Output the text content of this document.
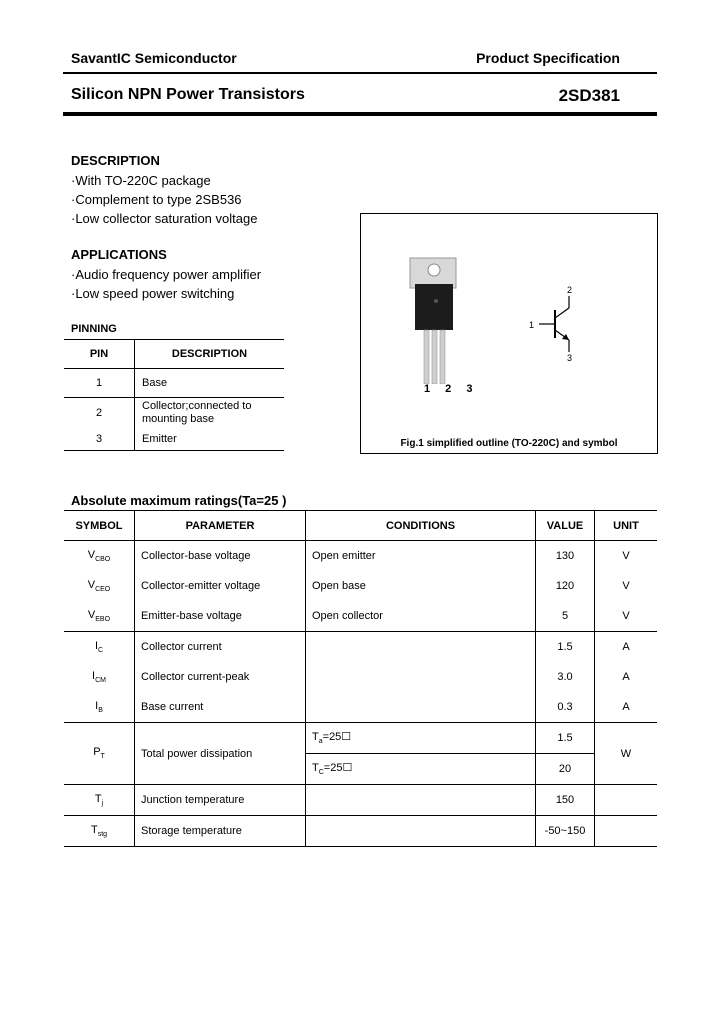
SavantIC Semiconductor	Product Specification
Silicon NPN Power Transistors	2SD381
DESCRIPTION
·With TO-220C package
·Complement to type 2SB536
·Low collector saturation voltage
APPLICATIONS
·Audio frequency power amplifier
·Low speed power switching
PINNING
PIN	DESCRIPTION
1	Base
2	Collector;connected to mounting base
3	Emitter
1 2 3
1
2
3
Fig.1 simplified outline (TO-220C) and symbol
Absolute maximum ratings(Ta=25 )
SYMBOL	PARAMETER	CONDITIONS	VALUE	UNIT
$V_{CBO}$	Collector-base voltage	Open emitter	130	V
$V_{CEO}$	Collector-emitter voltage	Open base	120	V
$V_{EBO}$	Emitter-base voltage	Open collector	5	V
$I_C$	Collector current		1.5	A
$I_{CM}$	Collector current-peak		3.0	A
$I_B$	Base current		0.3	A
$P_T$	Total power dissipation	$T_a=25☐$	1.5	W
		$T_C=25☐$	20	
$T_j$	Junction temperature		150	
$T_{stg}$	Storage temperature		-50~150	
